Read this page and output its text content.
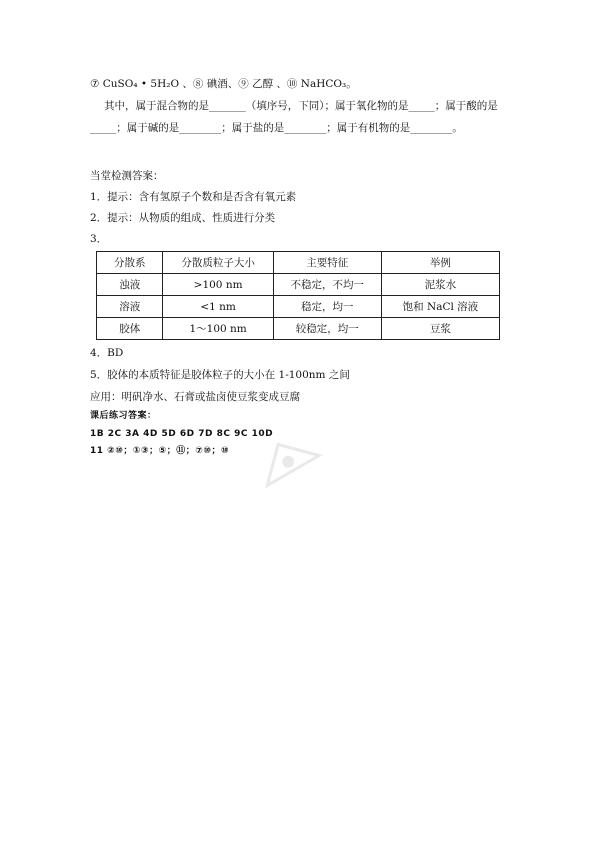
⑦ CuSO₄ • 5H₂O 、⑧ 碘酒、⑨ 乙醇 、⑩ NaHCO₃。
其中，属于混合物的是_______（填序号，下同）；属于氧化物的是_____；属于酸的是
_____；属于碱的是________；属于盐的是________；属于有机物的是________。
当堂检测答案：
1．提示：含有氢原子个数和是否含有氧元素
2．提示：从物质的组成、性质进行分类
3．
分散系	分散质粒子大小	主要特征	举例
浊液	>100 nm	不稳定，不均一	泥浆水
溶液	<1 nm	稳定，均一	饱和 NaCl 溶液
胶体	1～100 nm	较稳定，均一	豆浆
4．BD
5．胶体的本质特征是胶体粒子的大小在 1-100nm 之间
应用：明矾净水、石膏或盐卤使豆浆变成豆腐
课后练习答案：
1B 2C 3A 4D 5D 6D 7D 8C 9C 10D
11 ②⑩；①③；⑤；⑪；⑦⑩；⑩
